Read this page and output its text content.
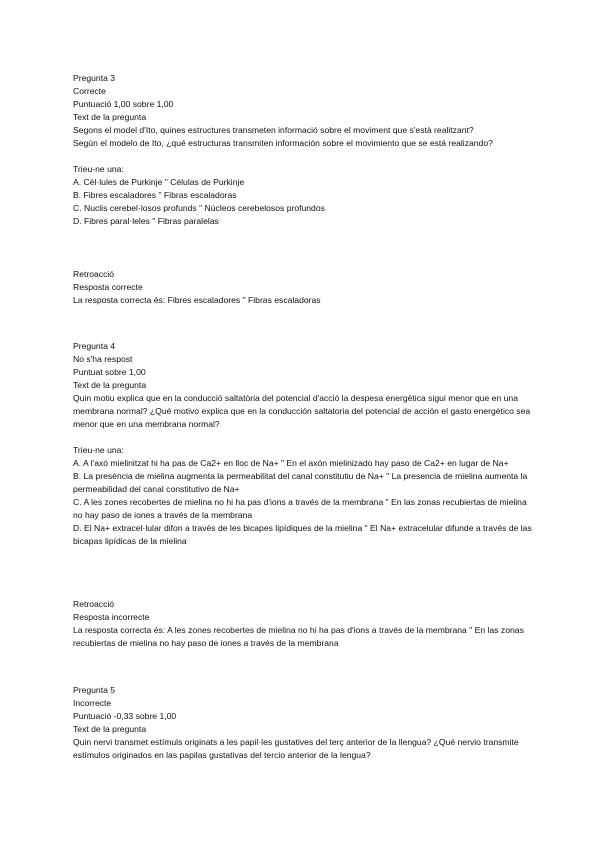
Pregunta 3
Correcte
Puntuació 1,00 sobre 1,00
Text de la pregunta
Segons el model d'Ito, quines estructures transmeten informació sobre el moviment que s'està realitzant?
Según el modelo de Ito, ¿qué estructuras transmiten información sobre el movimiento que se está realizando?
Trieu-ne una:
A. Cèl·lules de Purkinje " Células de Purkinje
B. Fibres escaladores " Fibras escaladoras
C. Nuclis cerebel·losos profunds " Núcleos cerebelosos profundos
D. Fibres paral·leles " Fibras paralelas
Retroacció
Resposta correcte
La resposta correcta és: Fibres escaladores " Fibras escaladoras
Pregunta 4
No s'ha respost
Puntuat sobre 1,00
Text de la pregunta
Quin motiu explica que en la conducció saltatòria del potencial d'acció la despesa energètica sigui menor que en una membrana normal? ¿Qué motivo explica que en la conducción saltatoria del potencial de acción el gasto energético sea menor que en una membrana normal?
Trieu-ne una:
A. A l'axó mielinitzat hi ha pas de Ca2+ en lloc de Na+ " En el axón mielinizado hay paso de Ca2+ en lugar de Na+
B. La presència de mielina augmenta la permeabilitat del canal constitutiu de Na+ " La presencia de mielina aumenta la permeabilidad del canal constitutivo de Na+
C. A les zones recobertes de mielina no hi ha pas d'ions a través de la membrana " En las zonas recubiertas de mielina no hay paso de iones a través de la membrana
D. El Na+ extracel·lular difon a través de les bicapes lipídiques de la mielina " El Na+ extracelular difunde a través de las bicapas lipídicas de la mielina
Retroacció
Resposta incorrecte
La resposta correcta és: A les zones recobertes de mielina no hi ha pas d'ions a través de la membrana " En las zonas recubiertas de mielina no hay paso de iones a través de la membrana
Pregunta 5
Incorrecte
Puntuació -0,33 sobre 1,00
Text de la pregunta
Quin nervi transmet estímuls originats a les papil·les gustatives del terç anterior de la llengua? ¿Qué nervio transmite estímulos originados en las papilas gustativas del tercio anterior de la lengua?
